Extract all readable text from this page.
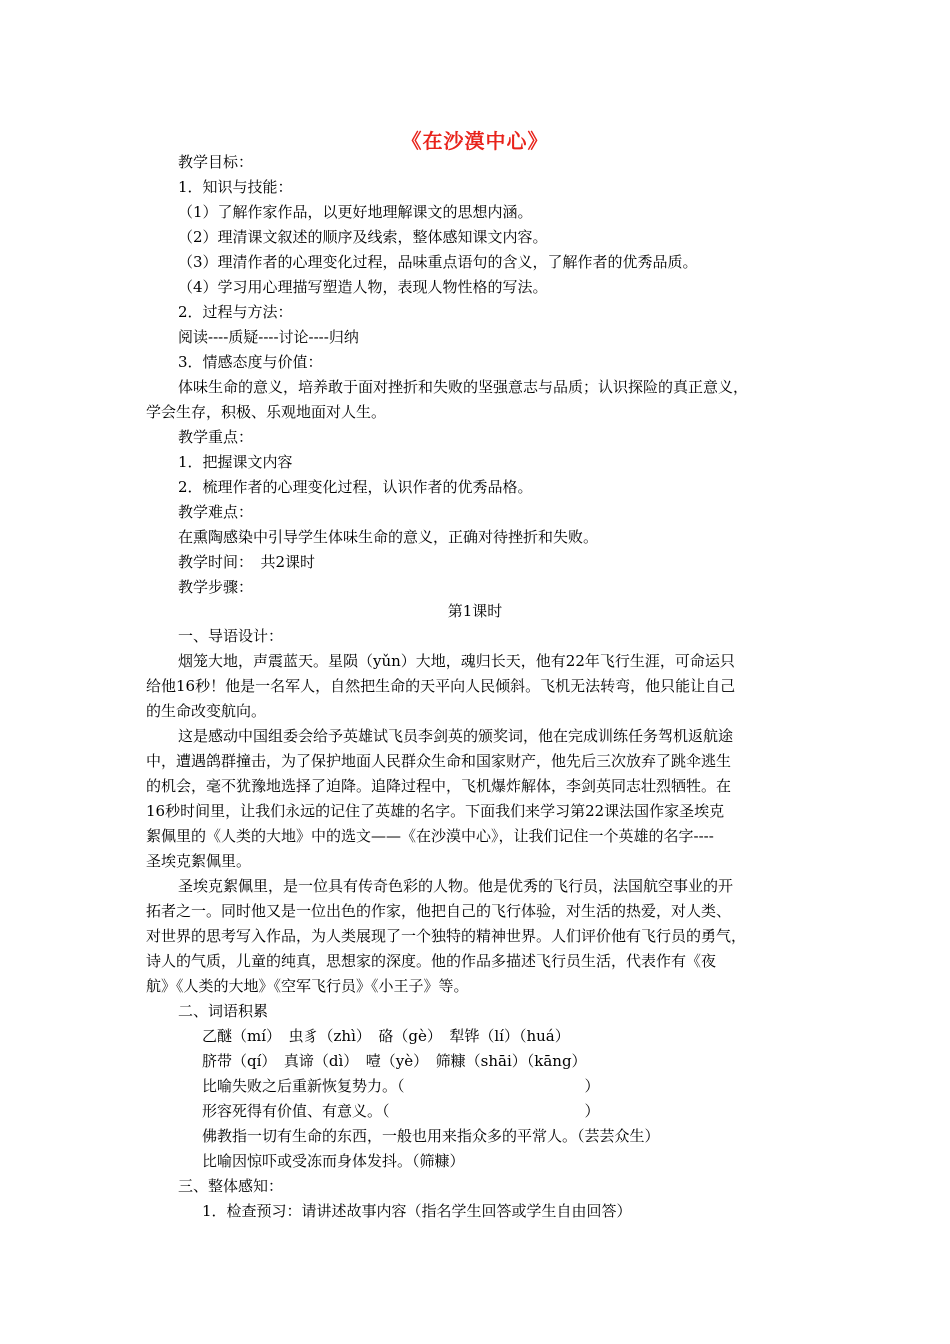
《在沙漠中心》
教学目标：
1．知识与技能：
（1）了解作家作品，以更好地理解课文的思想内涵。
（2）理清课文叙述的顺序及线索，整体感知课文内容。
（3）理清作者的心理变化过程，品味重点语句的含义，了解作者的优秀品质。
（4）学习用心理描写塑造人物，表现人物性格的写法。
2．过程与方法：
阅读----质疑----讨论----归纳
3．情感态度与价值：
体味生命的意义，培养敢于面对挫折和失败的坚强意志与品质；认识探险的真正意义，
学会生存，积极、乐观地面对人生。
教学重点：
1．把握课文内容
2．梳理作者的心理变化过程，认识作者的优秀品格。
教学难点：
在熏陶感染中引导学生体味生命的意义，正确对待挫折和失败。
教学时间：　共2课时
教学步骤：
第1课时
一、导语设计：
烟笼大地，声震蓝天。星陨（yǔn）大地，魂归长天，他有22年飞行生涯，可命运只
给他16秒！他是一名军人，自然把生命的天平向人民倾斜。飞机无法转弯，他只能让自己
的生命改变航向。
这是感动中国组委会给予英雄试飞员李剑英的颁奖词，他在完成训练任务驾机返航途
中，遭遇鸽群撞击，为了保护地面人民群众生命和国家财产，他先后三次放弃了跳伞逃生
的机会，毫不犹豫地选择了迫降。追降过程中，飞机爆炸解体，李剑英同志壮烈牺牲。在
16秒时间里，让我们永远的记住了英雄的名字。下面我们来学习第22课法国作家圣埃克
絮佩里的《人类的大地》中的选文——《在沙漠中心》，让我们记住一个英雄的名字----
圣埃克絮佩里。
圣埃克絮佩里，是一位具有传奇色彩的人物。他是优秀的飞行员，法国航空事业的开
拓者之一。同时他又是一位出色的作家，他把自己的飞行体验，对生活的热爱，对人类、
对世界的思考写入作品，为人类展现了一个独特的精神世界。人们评价他有飞行员的勇气，
诗人的气质，儿童的纯真，思想家的深度。他的作品多描述飞行员生活，代表作有《夜
航》《人类的大地》《空军飞行员》《小王子》等。
二、词语积累
乙醚（mí）　虫豸（zhì）　硌（gè）　犁铧（lí）（huá）
脐带（qí）　真谛（dì）　噎（yè）　筛糠（shāi）（kāng）
比喻失败之后重新恢复势力。（　　　　　　　　　　　　）
形容死得有价值、有意义。（　　　　　　　　　　　　　）
佛教指一切有生命的东西，一般也用来指众多的平常人。（芸芸众生）
比喻因惊吓或受冻而身体发抖。（筛糠）
三、整体感知：
1．检查预习：请讲述故事内容（指名学生回答或学生自由回答）
